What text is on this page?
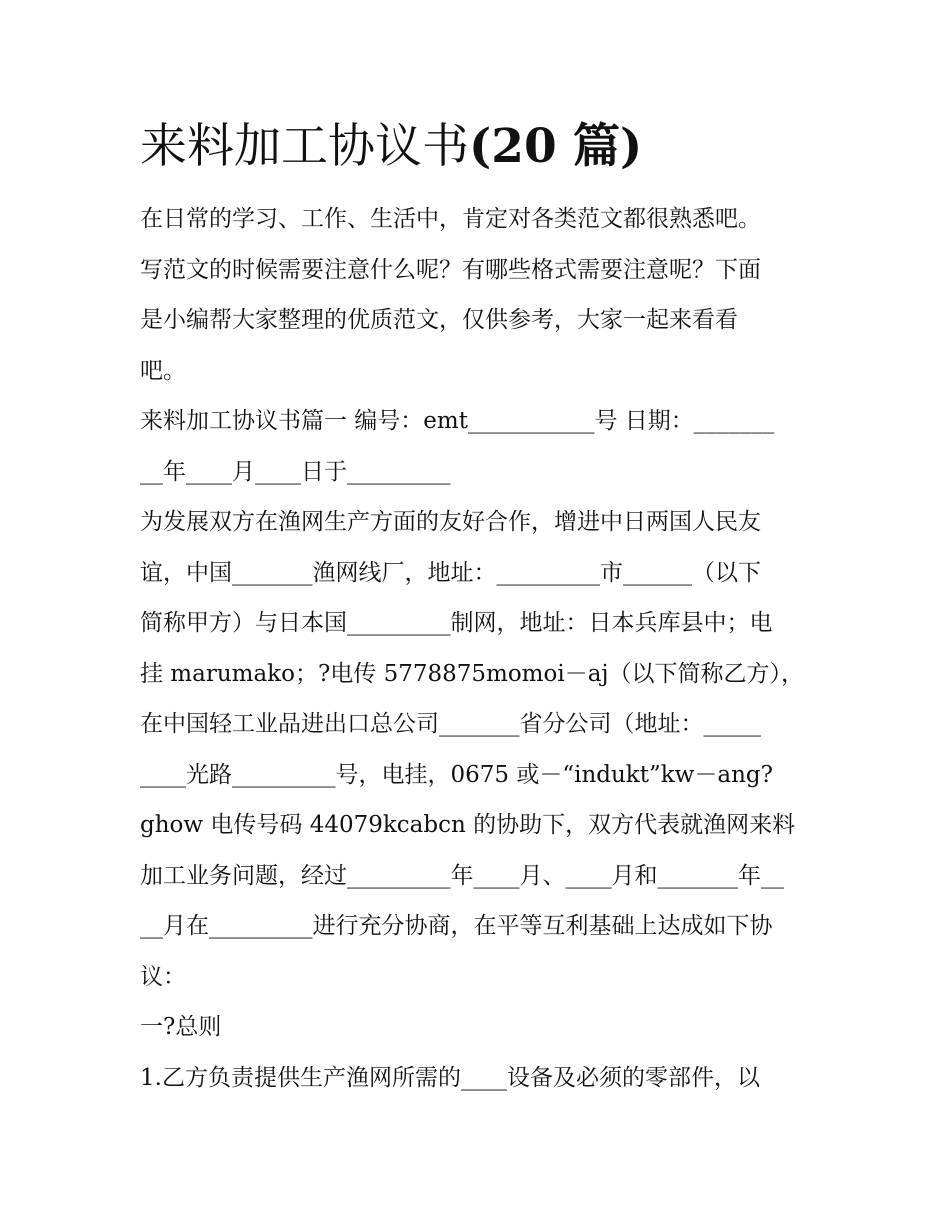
来料加工协议书(20 篇)

在日常的学习、工作、生活中，肯定对各类范文都很熟悉吧。

写范文的时候需要注意什么呢？有哪些格式需要注意呢？下面

是小编帮大家整理的优质范文，仅供参考，大家一起来看看

吧。

来料加工协议书篇一 编号：emt___________号 日期：_______

__年____月____日于_________

为发展双方在渔网生产方面的友好合作，增进中日两国人民友

谊，中国_______渔网线厂，地址：_________市______（以下

简称甲方）与日本国_________制网，地址：日本兵库县中；电

挂 marumako；?电传 5778875momoi－aj（以下简称乙方），

在中国轻工业品进出口总公司_______省分公司（地址：_____

____光路_________号，电挂，0675 或－“indukt”kw－ang?

ghow 电传号码 44079kcabcn 的协助下，双方代表就渔网来料

加工业务问题，经过_________年____月、____月和_______年__

__月在_________进行充分协商，在平等互利基础上达成如下协

议：

一?总则

1.乙方负责提供生产渔网所需的____设备及必须的零部件，以
